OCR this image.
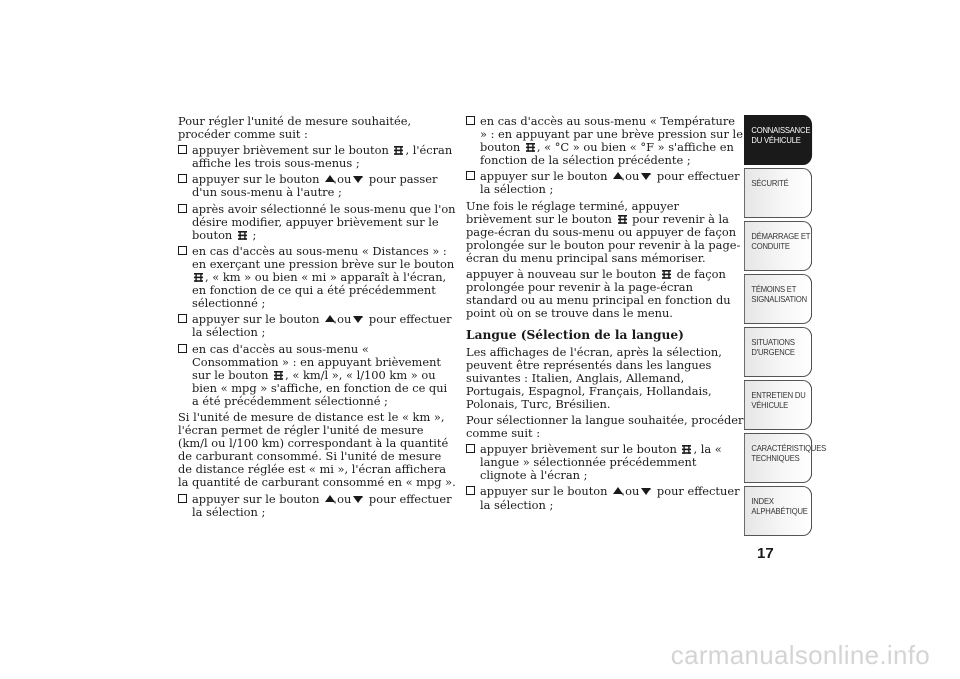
Pour régler l'unité de mesure souhaitée, procéder comme suit :

appuyer brièvement sur le bouton , l'écran affiche les trois sous-menus ;
appuyer sur le bouton ou pour passer d'un sous-menu à l'autre ;
après avoir sélectionné le sous-menu que l'on désire modifier, appuyer brièvement sur le bouton  ;
en cas d'accès au sous-menu « Distances » : en exerçant une pression brève sur le bouton , « km » ou bien « mi » apparaît à l'écran, en fonction de ce qui a été précédemment sélectionné ;
appuyer sur le bouton ou pour effectuer la sélection ;
en cas d'accès au sous-menu « Consommation » : en appuyant brièvement sur le bouton , « km/l », « l/100 km » ou bien « mpg » s'affiche, en fonction de ce qui a été précédemment sélectionné ;

Si l'unité de mesure de distance est le « km », l'écran permet de régler l'unité de mesure (km/l ou l/100 km) correspondant à la quantité de carburant consommé. Si l'unité de mesure de distance réglée est « mi », l'écran affichera la quantité de carburant consommé en « mpg ».

appuyer sur le bouton ou pour effectuer la sélection ;
en cas d'accès au sous-menu « Température » : en appuyant par une brève pression sur le bouton , « °C » ou bien « °F » s'affiche en fonction de la sélection précédente ;
appuyer sur le bouton ou pour effectuer la sélection ;

Une fois le réglage terminé, appuyer brièvement sur le bouton pour revenir à la page-écran du sous-menu ou appuyer de façon prolongée sur le bouton pour revenir à la page-écran du menu principal sans mémoriser.

appuyer à nouveau sur le bouton de façon prolongée pour revenir à la page-écran standard ou au menu principal en fonction du point où on se trouve dans le menu.

Langue (Sélection de la langue)

Les affichages de l'écran, après la sélection, peuvent être représentés dans les langues suivantes : Italien, Anglais, Allemand, Portugais, Espagnol, Français, Hollandais, Polonais, Turc, Brésilien.

Pour sélectionner la langue souhaitée, procéder comme suit :

appuyer brièvement sur le bouton , la « langue » sélectionnée précédemment clignote à l'écran ;
appuyer sur le bouton ou pour effectuer la sélection ;
CONNAISSANCE DU VÉHICULE
SÉCURITÉ
DÉMARRAGE ET CONDUITE
TÉMOINS ET SIGNALISATION
SITUATIONS D'URGENCE
ENTRETIEN DU VÉHICULE
CARACTÉRISTIQUES TECHNIQUES
INDEX ALPHABÉTIQUE
17
carmanualsonline.info
